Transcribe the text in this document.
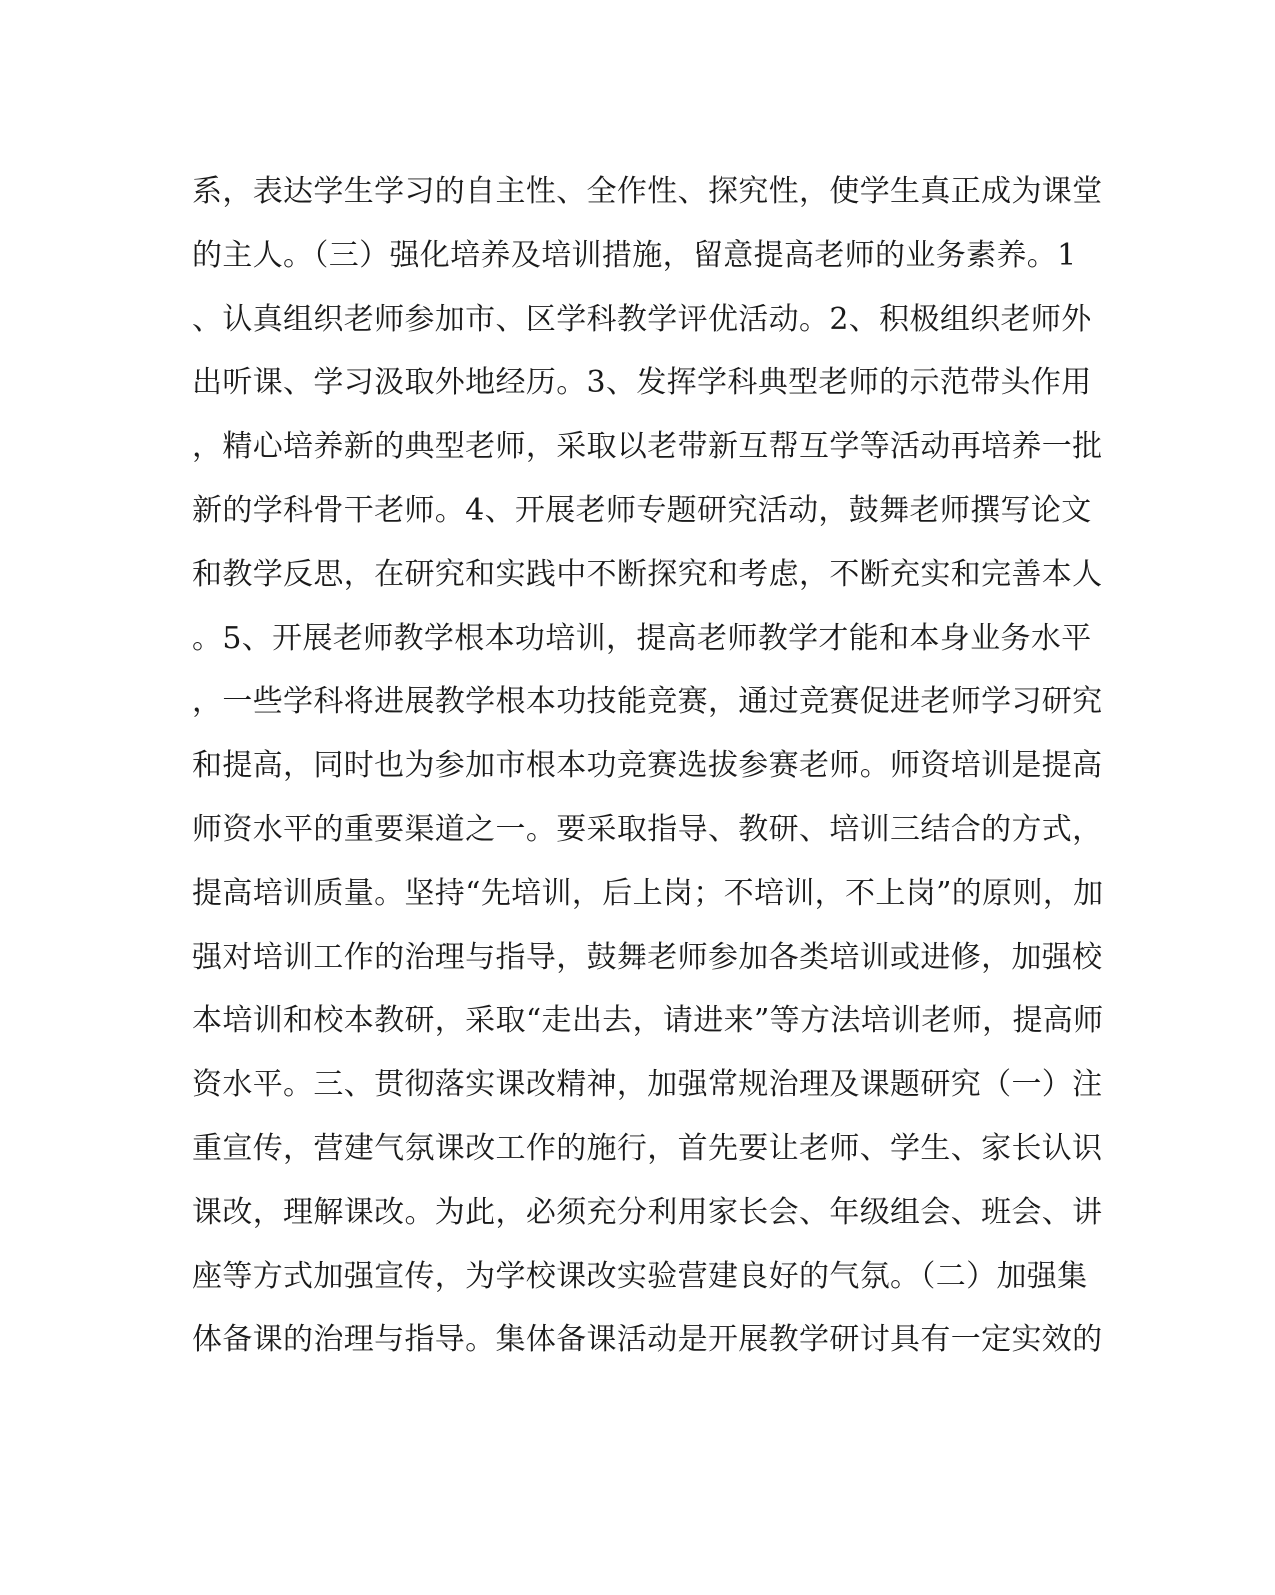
系，表达学生学习的自主性、全作性、探究性，使学生真正成为课堂
的主人。（三）强化培养及培训措施，留意提高老师的业务素养。1
、认真组织老师参加市、区学科教学评优活动。2、积极组织老师外
出听课、学习汲取外地经历。3、发挥学科典型老师的示范带头作用
，精心培养新的典型老师，采取以老带新互帮互学等活动再培养一批
新的学科骨干老师。4、开展老师专题研究活动，鼓舞老师撰写论文
和教学反思，在研究和实践中不断探究和考虑，不断充实和完善本人
。5、开展老师教学根本功培训，提高老师教学才能和本身业务水平
，一些学科将进展教学根本功技能竞赛，通过竞赛促进老师学习研究
和提高，同时也为参加市根本功竞赛选拔参赛老师。师资培训是提高
师资水平的重要渠道之一。要采取指导、教研、培训三结合的方式，
提高培训质量。坚持“先培训，后上岗；不培训，不上岗”的原则，加
强对培训工作的治理与指导，鼓舞老师参加各类培训或进修，加强校
本培训和校本教研，采取“走出去，请进来”等方法培训老师，提高师
资水平。三、贯彻落实课改精神，加强常规治理及课题研究（一）注
重宣传，营建气氛课改工作的施行，首先要让老师、学生、家长认识
课改，理解课改。为此，必须充分利用家长会、年级组会、班会、讲
座等方式加强宣传，为学校课改实验营建良好的气氛。（二）加强集
体备课的治理与指导。集体备课活动是开展教学研讨具有一定实效的
